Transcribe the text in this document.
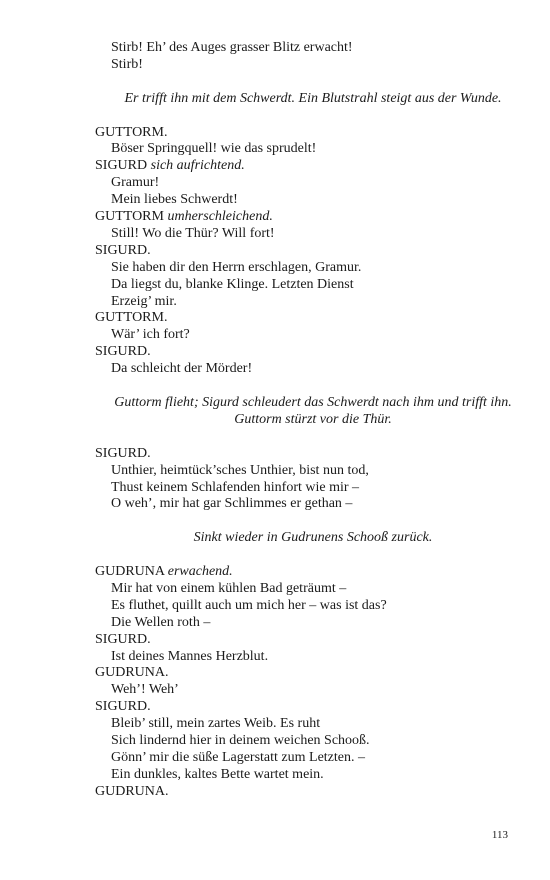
Stirb! Eh’ des Auges grasser Blitz erwacht!
Stirb!
Er trifft ihn mit dem Schwerdt. Ein Blutstrahl steigt aus der Wunde.
GUTTORM.
Böser Springquell! wie das sprudelt!
SIGURD sich aufrichtend.
Gramur!
Mein liebes Schwerdt!
GUTTORM umherschleichend.
Still! Wo die Thür? Will fort!
SIGURD.
Sie haben dir den Herrn erschlagen, Gramur.
Da liegst du, blanke Klinge. Letzten Dienst
Erzeig’ mir.
GUTTORM.
Wär’ ich fort?
SIGURD.
Da schleicht der Mörder!
Guttorm flieht; Sigurd schleudert das Schwerdt nach ihm und trifft ihn. Guttorm stürzt vor die Thür.
SIGURD.
Unthier, heimtück’sches Unthier, bist nun tod,
Thust keinem Schlafenden hinfort wie mir –
O weh’, mir hat gar Schlimmes er gethan –
Sinkt wieder in Gudrunens Schooß zurück.
GUDRUNA erwachend.
Mir hat von einem kühlen Bad geträumt –
Es fluthet, quillt auch um mich her – was ist das?
Die Wellen roth –
SIGURD.
Ist deines Mannes Herzblut.
GUDRUNA.
Weh’! Weh’
SIGURD.
Bleib’ still, mein zartes Weib. Es ruht
Sich lindernd hier in deinem weichen Schooß.
Gönn’ mir die süße Lagerstatt zum Letzten. –
Ein dunkles, kaltes Bette wartet mein.
GUDRUNA.
113
